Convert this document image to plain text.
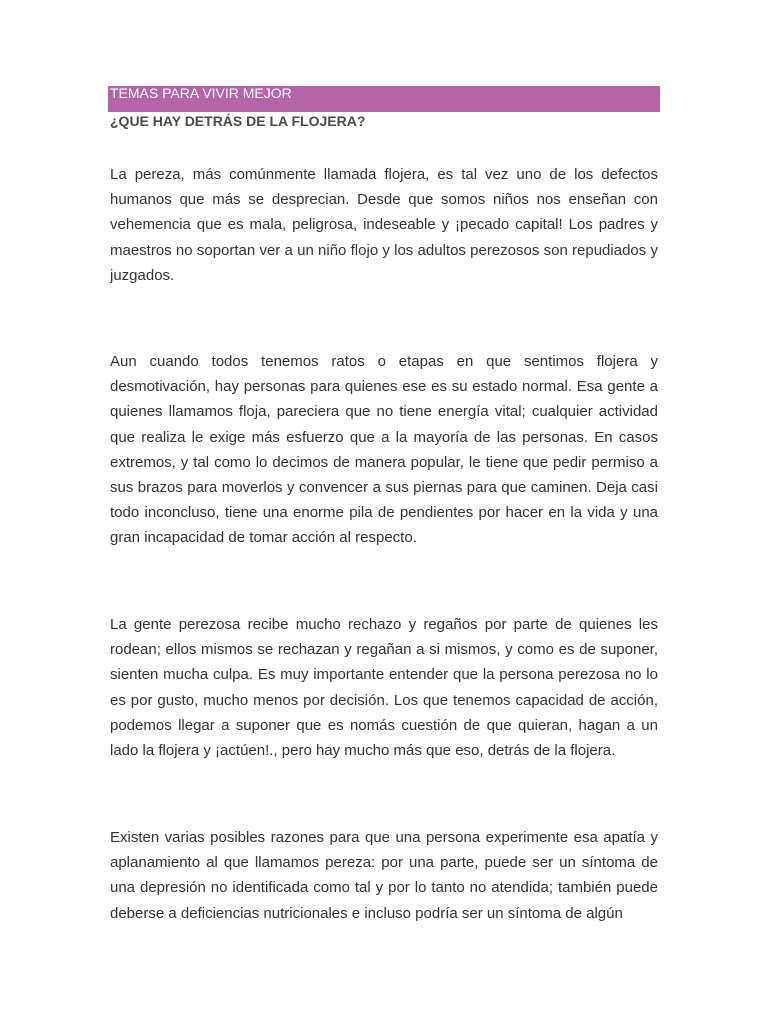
TEMAS PARA VIVIR MEJOR
¿QUE HAY DETRÁS DE LA FLOJERA?

La pereza, más comúnmente llamada flojera, es tal vez uno de los defectos humanos que más se desprecian. Desde que somos niños nos enseñan con vehemencia que es mala, peligrosa, indeseable y ¡pecado capital! Los padres y maestros no soportan ver a un niño flojo y los adultos perezosos son repudiados y juzgados.

Aun cuando todos tenemos ratos o etapas en que sentimos flojera y desmotivación, hay personas para quienes ese es su estado normal. Esa gente a quienes llamamos floja, pareciera que no tiene energía vital; cualquier actividad que realiza le exige más esfuerzo que a la mayoría de las personas. En casos extremos, y tal como lo decimos de manera popular, le tiene que pedir permiso a sus brazos para moverlos y convencer a sus piernas para que caminen. Deja casi todo inconcluso, tiene una enorme pila de pendientes por hacer en la vida y una gran incapacidad de tomar acción al respecto.

La gente perezosa recibe mucho rechazo y regaños por parte de quienes les rodean; ellos mismos se rechazan y regañan a si mismos, y como es de suponer, sienten mucha culpa. Es muy importante entender que la persona perezosa no lo es por gusto, mucho menos por decisión. Los que tenemos capacidad de acción, podemos llegar a suponer que es nomás cuestión de que quieran, hagan a un lado la flojera y ¡actúen!., pero hay mucho más que eso, detrás de la flojera.

Existen varias posibles razones para que una persona experimente esa apatía y aplanamiento al que llamamos pereza: por una parte, puede ser un síntoma de una depresión no identificada como tal y por lo tanto no atendida; también puede deberse a deficiencias nutricionales e incluso podría ser un síntoma de algún
